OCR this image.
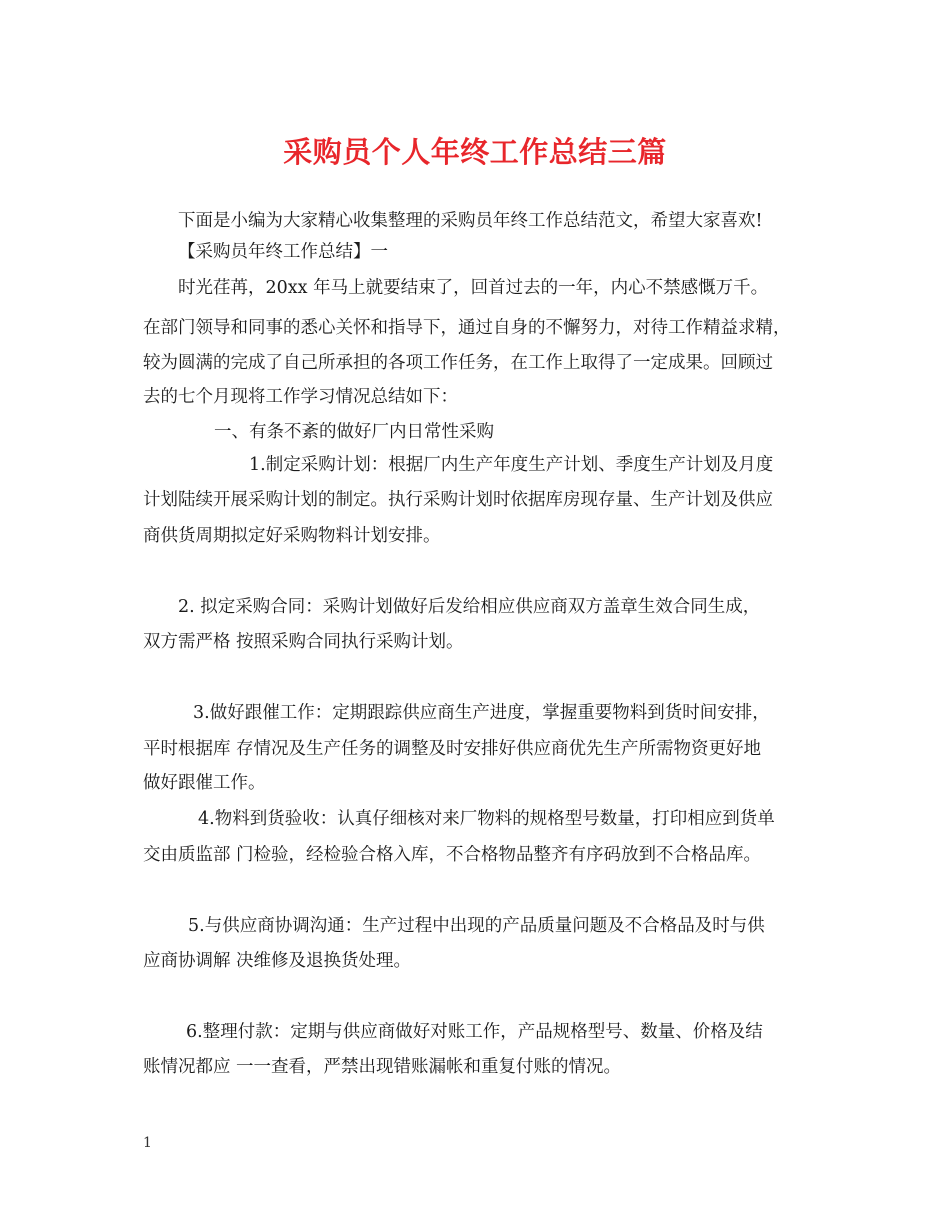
采购员个人年终工作总结三篇

下面是小编为大家精心收集整理的采购员年终工作总结范文，希望大家喜欢!

【采购员年终工作总结】一

时光荏苒，20xx 年马上就要结束了，回首过去的一年，内心不禁感慨万千。

在部门领导和同事的悉心关怀和指导下，通过自身的不懈努力，对待工作精益求精，

较为圆满的完成了自己所承担的各项工作任务，在工作上取得了一定成果。回顾过

去的七个月现将工作学习情况总结如下：

一、有条不紊的做好厂内日常性采购

1.制定采购计划：根据厂内生产年度生产计划、季度生产计划及月度

计划陆续开展采购计划的制定。执行采购计划时依据库房现存量、生产计划及供应

商供货周期拟定好采购物料计划安排。

2. 拟定采购合同：采购计划做好后发给相应供应商双方盖章生效合同生成，

双方需严格 按照采购合同执行采购计划。

3.做好跟催工作：定期跟踪供应商生产进度，掌握重要物料到货时间安排，

平时根据库 存情况及生产任务的调整及时安排好供应商优先生产所需物资更好地

做好跟催工作。

4.物料到货验收：认真仔细核对来厂物料的规格型号数量，打印相应到货单

交由质监部 门检验，经检验合格入库，不合格物品整齐有序码放到不合格品库。

5.与供应商协调沟通：生产过程中出现的产品质量问题及不合格品及时与供

应商协调解 决维修及退换货处理。

6.整理付款：定期与供应商做好对账工作，产品规格型号、数量、价格及结

账情况都应 一一查看，严禁出现错账漏帐和重复付账的情况。

1
